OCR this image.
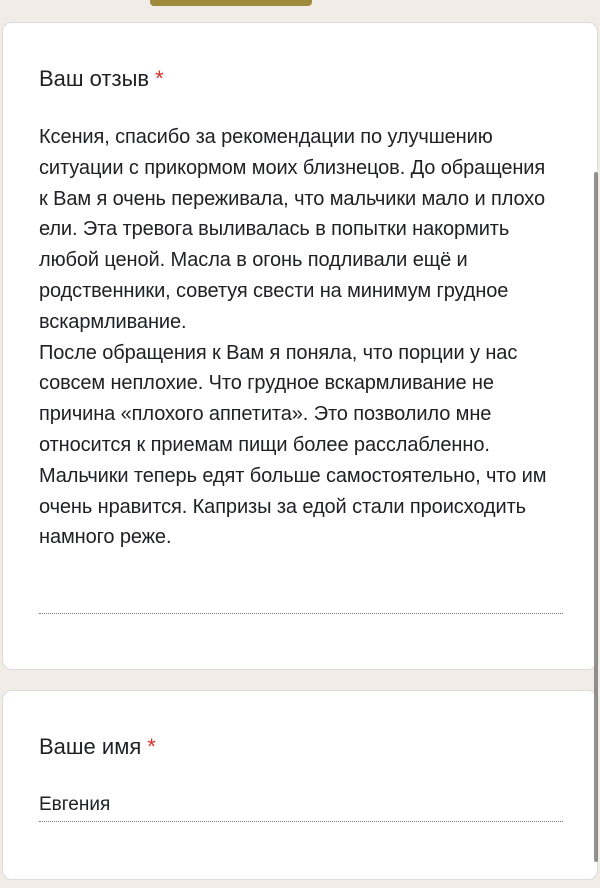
Ваш отзыв *
Ксения, спасибо за рекомендации по улучшению ситуации с прикормом моих близнецов. До обращения к Вам я очень переживала, что мальчики мало и плохо ели. Эта тревога выливалась в попытки накормить любой ценой. Масла в огонь подливали ещё и родственники, советуя свести на минимум грудное вскармливание.
После обращения к Вам я поняла, что порции у нас совсем неплохие. Что грудное вскармливание не причина «плохого аппетита». Это позволило мне относится к приемам пищи более расслабленно. Мальчики теперь едят больше самостоятельно, что им очень нравится. Капризы за едой стали происходить намного реже.
Ваше имя *
Евгения
